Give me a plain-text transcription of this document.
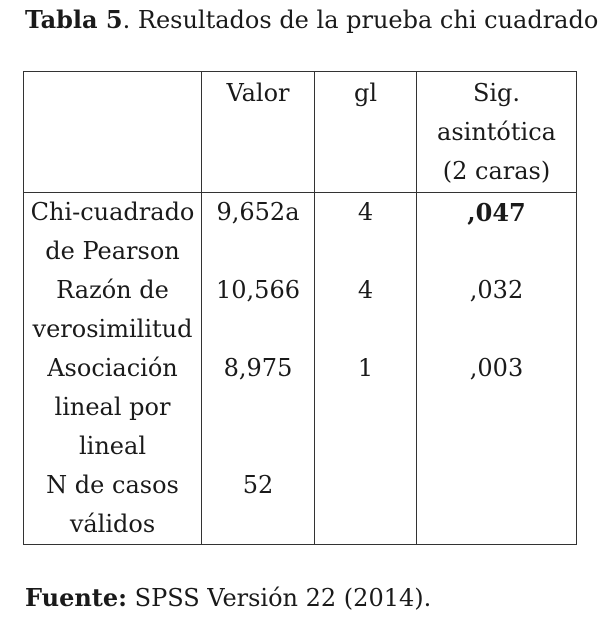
Tabla 5. Resultados de la prueba chi cuadrado
	Valor	gl	Sig. asintótica (2 caras)
Chi-cuadrado de Pearson	9,652a	4	,047
Razón de verosimilitud	10,566	4	,032
Asociación lineal por lineal	8,975	1	,003
N de casos válidos	52		
Fuente: SPSS Versión 22 (2014).
